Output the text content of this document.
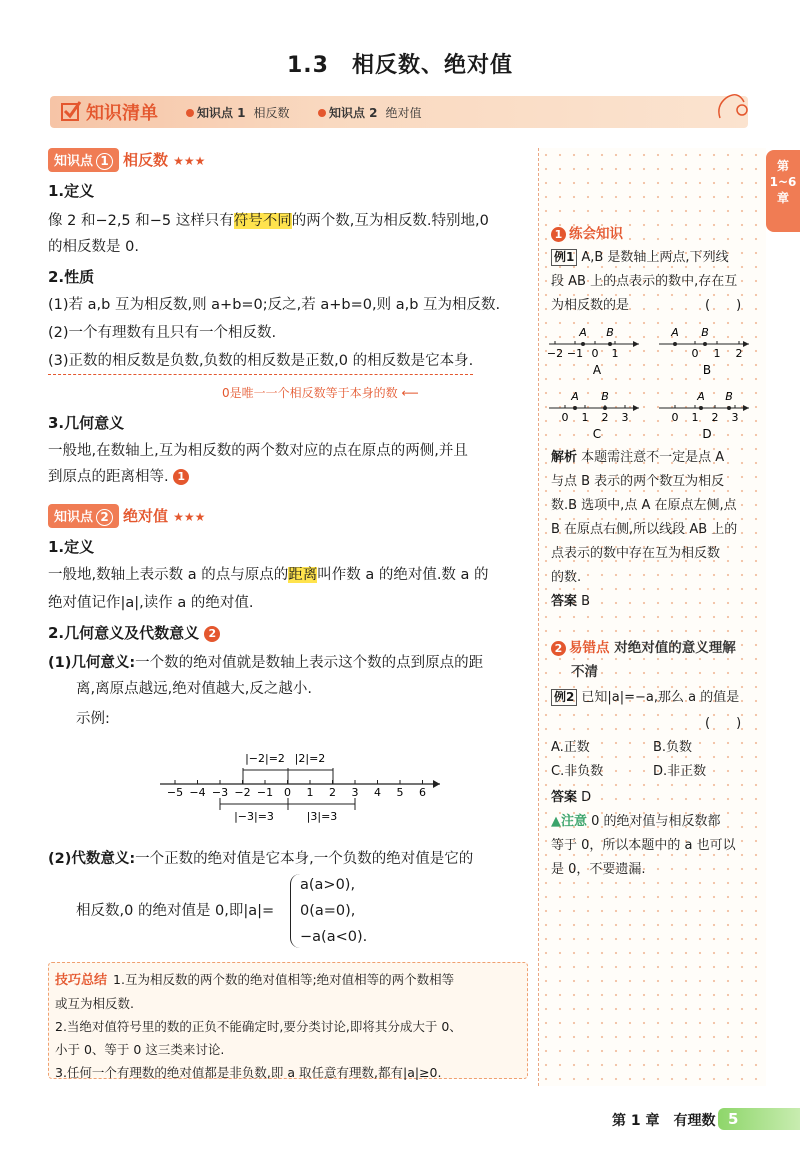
1.3　相反数、绝对值
知识清单	知识点 1 相反数	知识点 2 绝对值
知识点 1 相反数 ★★★
1.定义
像 2 和−2,5 和−5 这样只有符号不同的两个数,互为相反数.特别地,0
的相反数是 0.
2.性质
(1)若 a,b 互为相反数,则 a+b=0;反之,若 a+b=0,则 a,b 互为相反数.
(2)一个有理数有且只有一个相反数.
(3)正数的相反数是负数,负数的相反数是正数,0 的相反数是它本身.
0是唯一一个相反数等于本身的数 ⟵
3.几何意义
一般地,在数轴上,互为相反数的两个数对应的点在原点的两侧,并且
到原点的距离相等. 1
知识点 2 绝对值 ★★★
1.定义
一般地,数轴上表示数 a 的点与原点的距离叫作数 a 的绝对值.数 a 的
绝对值记作|a|,读作 a 的绝对值.
2.几何意义及代数意义 2
(1)几何意义:一个数的绝对值就是数轴上表示这个数的点到原点的距
离,离原点越远,绝对值越大,反之越小.
示例:
−5 −4 −3 −2 −1 0 1 2 3 4 5 6
|−2|=2 |2|=2
|−3|=3	|3|=3
(2)代数意义:一个正数的绝对值是它本身,一个负数的绝对值是它的
相反数,0 的绝对值是 0,即|a|=
a(a>0),
0(a=0),
−a(a<0).
技巧总结 1.互为相反数的两个数的绝对值相等;绝对值相等的两个数相等
或互为相反数.
2.当绝对值符号里的数的正负不能确定时,要分类讨论,即将其分成大于 0、
小于 0、等于 0 这三类来讨论.
3.任何一个有理数的绝对值都是非负数,即 a 取任意有理数,都有|a|≥0.
1 练会知识
例1 A,B 是数轴上两点,下列线
段 AB 上的点表示的数中,存在互
为相反数的是	(　　)
−2 −1 0 1
A B
A
0 1 2
A B
B
0 1 2 3
A B
C
0 1 2 3
A B
D
解析 本题需注意不一定是点 A
与点 B 表示的两个数互为相反
数.B 选项中,点 A 在原点左侧,点
B 在原点右侧,所以线段 AB 上的
点表示的数中存在互为相反数
的数.
答案 B
2 易错点 对绝对值的意义理解
不清
例2 已知|a|=−a,那么 a 的值是
(　　)
A.正数	B.负数
C.非负数	D.非正数
答案 D
▲注意 0 的绝对值与相反数都
等于 0，所以本题中的 a 也可以
是 0，不要遗漏.
第1~6章
第 1 章　 有理数 5
